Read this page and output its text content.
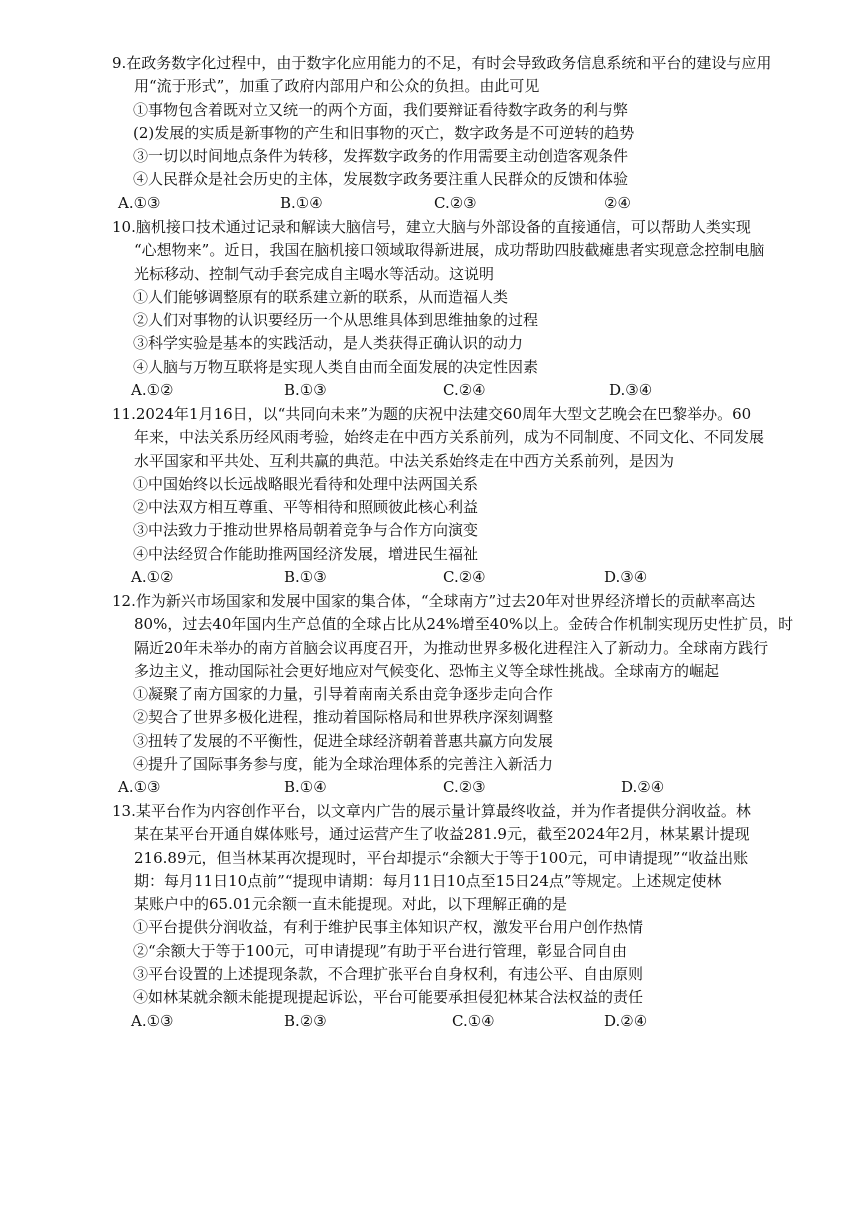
9.在政务数字化过程中，由于数字化应用能力的不足，有时会导致政务信息系统和平台的建设与应用
用“流于形式”，加重了政府内部用户和公众的负担。由此可见
①事物包含着既对立又统一的两个方面，我们要辩证看待数字政务的利与弊
(2)发展的实质是新事物的产生和旧事物的灭亡，数字政务是不可逆转的趋势
③一切以时间地点条件为转移，发挥数字政务的作用需要主动创造客观条件
④人民群众是社会历史的主体，发展数字政务要注重人民群众的反馈和体验
A.①③	B.①④	C.②③	②④
10.脑机接口技术通过记录和解读大脑信号，建立大脑与外部设备的直接通信，可以帮助人类实现
“心想物来”。近日，我国在脑机接口领域取得新进展，成功帮助四肢截瘫患者实现意念控制电脑
光标移动、控制气动手套完成自主喝水等活动。这说明
①人们能够调整原有的联系建立新的联系，从而造福人类
②人们对事物的认识要经历一个从思维具体到思维抽象的过程
③科学实验是基本的实践活动，是人类获得正确认识的动力
④人脑与万物互联将是实现人类自由而全面发展的决定性因素
A.①②	B.①③	C.②④	D.③④
11.2024年1月16日，以“共同向未来”为题的庆祝中法建交60周年大型文艺晚会在巴黎举办。60
年来，中法关系历经风雨考验，始终走在中西方关系前列，成为不同制度、不同文化、不同发展
水平国家和平共处、互利共赢的典范。中法关系始终走在中西方关系前列，是因为
①中国始终以长远战略眼光看待和处理中法两国关系
②中法双方相互尊重、平等相待和照顾彼此核心利益
③中法致力于推动世界格局朝着竞争与合作方向演变
④中法经贸合作能助推两国经济发展，增进民生福祉
A.①②	B.①③	C.②④	D.③④
12.作为新兴市场国家和发展中国家的集合体，“全球南方”过去20年对世界经济增长的贡献率高达
80%，过去40年国内生产总值的全球占比从24%增至40%以上。金砖合作机制实现历史性扩员，时
隔近20年未举办的南方首脑会议再度召开，为推动世界多极化进程注入了新动力。全球南方践行
多边主义，推动国际社会更好地应对气候变化、恐怖主义等全球性挑战。全球南方的崛起
①凝聚了南方国家的力量，引导着南南关系由竞争逐步走向合作
②契合了世界多极化进程，推动着国际格局和世界秩序深刻调整
③扭转了发展的不平衡性，促进全球经济朝着普惠共赢方向发展
④提升了国际事务参与度，能为全球治理体系的完善注入新活力
A.①③	B.①④	C.②③	D.②④
13.某平台作为内容创作平台，以文章内广告的展示量计算最终收益，并为作者提供分润收益。林
某在某平台开通自媒体账号，通过运营产生了收益281.9元，截至2024年2月，林某累计提现
216.89元，但当林某再次提现时，平台却提示“余额大于等于100元，可申请提现”“收益出账
期：每月11日10点前”“提现申请期：每月11日10点至15日24点”等规定。上述规定使林
某账户中的65.01元余额一直未能提现。对此，以下理解正确的是
①平台提供分润收益，有利于维护民事主体知识产权，激发平台用户创作热情
②“余额大于等于100元，可申请提现”有助于平台进行管理，彰显合同自由
③平台设置的上述提现条款，不合理扩张平台自身权利，有违公平、自由原则
④如林某就余额未能提现提起诉讼，平台可能要承担侵犯林某合法权益的责任
A.①③	B.②③	C.①④	D.②④
